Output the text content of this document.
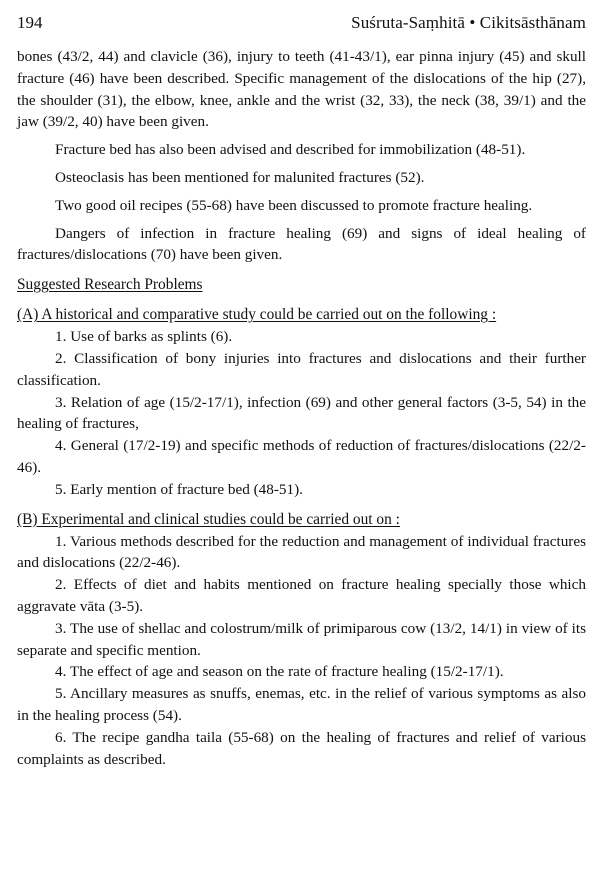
194	Suśruta-Saṃhitā • Cikitsāsthānam

bones (43/2, 44) and clavicle (36), injury to teeth (41-43/1), ear pinna injury (45) and skull fracture (46) have been described. Specific management of the dislocations of the hip (27), the shoulder (31), the elbow, knee, ankle and the wrist (32, 33), the neck (38, 39/1) and the jaw (39/2, 40) have been given.

Fracture bed has also been advised and described for immobilization (48-51).

Osteoclasis has been mentioned for malunited fractures (52).

Two good oil recipes (55-68) have been discussed to promote fracture healing.

Dangers of infection in fracture healing (69) and signs of ideal healing of fractures/dislocations (70) have been given.

Suggested Research Problems
(A) A historical and comparative study could be carried out on the following :

1. Use of barks as splints (6).

2. Classification of bony injuries into fractures and dislocations and their further classification.

3. Relation of age (15/2-17/1), infection (69) and other general factors (3-5, 54) in the healing of fractures,

4. General (17/2-19) and specific methods of reduction of fractures/dislocations (22/2-46).

5. Early mention of fracture bed (48-51).

(B) Experimental and clinical studies could be carried out on :

1. Various methods described for the reduction and management of individual fractures and dislocations (22/2-46).

2. Effects of diet and habits mentioned on fracture healing specially those which aggravate vāta (3-5).

3. The use of shellac and colostrum/milk of primiparous cow (13/2, 14/1) in view of its separate and specific mention.

4. The effect of age and season on the rate of fracture healing (15/2-17/1).

5. Ancillary measures as snuffs, enemas, etc. in the relief of various symptoms as also in the healing process (54).

6. The recipe gandha taila (55-68) on the healing of fractures and relief of various complaints as described.
